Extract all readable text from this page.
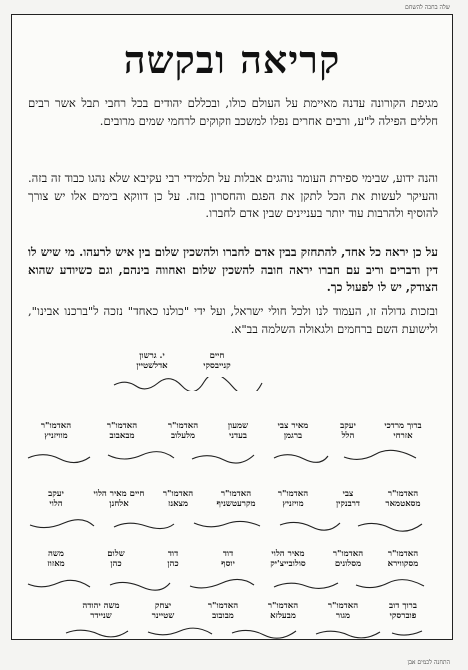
שלה בחכה להשחם
קריאה ובקשה
מגיפת הקורונה עדנה מאיימת על העולם כולו, ובכללם יהודים בכל רחבי תבל אשר רבים חללים הפילה ל"ע, ורבים אחרים נפלו למשכב וזקוקים לרחמי שמים מרובים.
והנה ידוע, שבימי ספירת העומר נוהגים אבלות על תלמידי רבי עקיבא שלא נהגו כבוד זה בזה. והעיקר לעשות את הכל לתקן את הפגם והחסרון בזה. על כן דווקא בימים אלו יש צורך להוסיף ולהרבות עוד יותר בעניינים שבין אדם לחברו.
על כן יראה כל אחד, להתחזק בבין אדם לחברו ולהשכין שלום בין איש לרעהו. מי שיש לו דין ודברים וריב עם חברו יראה חובה להשכין שלום ואחווה בינהם, וגם כשיודע שהוא הצודק, יש לו לפעול כך.
ובזכות גדולה זו, העמוד לנו ולכל חולי ישראל, ועל ידי "כולנו כאחד" נזכה ל"ברכנו אבינו", ולישועת השם ברחמים ולגאולה השלמה בב"א.
חיים
קנייבסקי
י. גרשון
אדלשטיין
ברוך מרדכי
אזרחי
יעקב
הלל
מאיר צבי
ברגמן
שמעון
בעדני
האדמו"ר
מלעלוב
האדמו"ר
מבאבוב
האדמו"ר
מוויזניץ
האדמו"ר
מסאטמאר
צבי
דרבנקין
האדמו"ר
מויזניץ
האדמו"ר
מקרעטשניף
האדמו"ר
מצאנז
חיים מאיר הלוי
אלחנן
יעקב
הלוי
האדמו"ר
מסקווירא
האדמו"ר
מסלונים
מאיר הלוי
סולובייצ'יק
דוד
יוסף
דוד
כהן
שלום
כהן
משה
מאזוז
ברוך דוב
פוברסקי
האדמו"ר
מגור
האדמו"ר
מבעלזא
האדמו"ר
מבובוב
יצחק
שטיינר
משה יהודה
שניידר
התחנה לכמים אבן
